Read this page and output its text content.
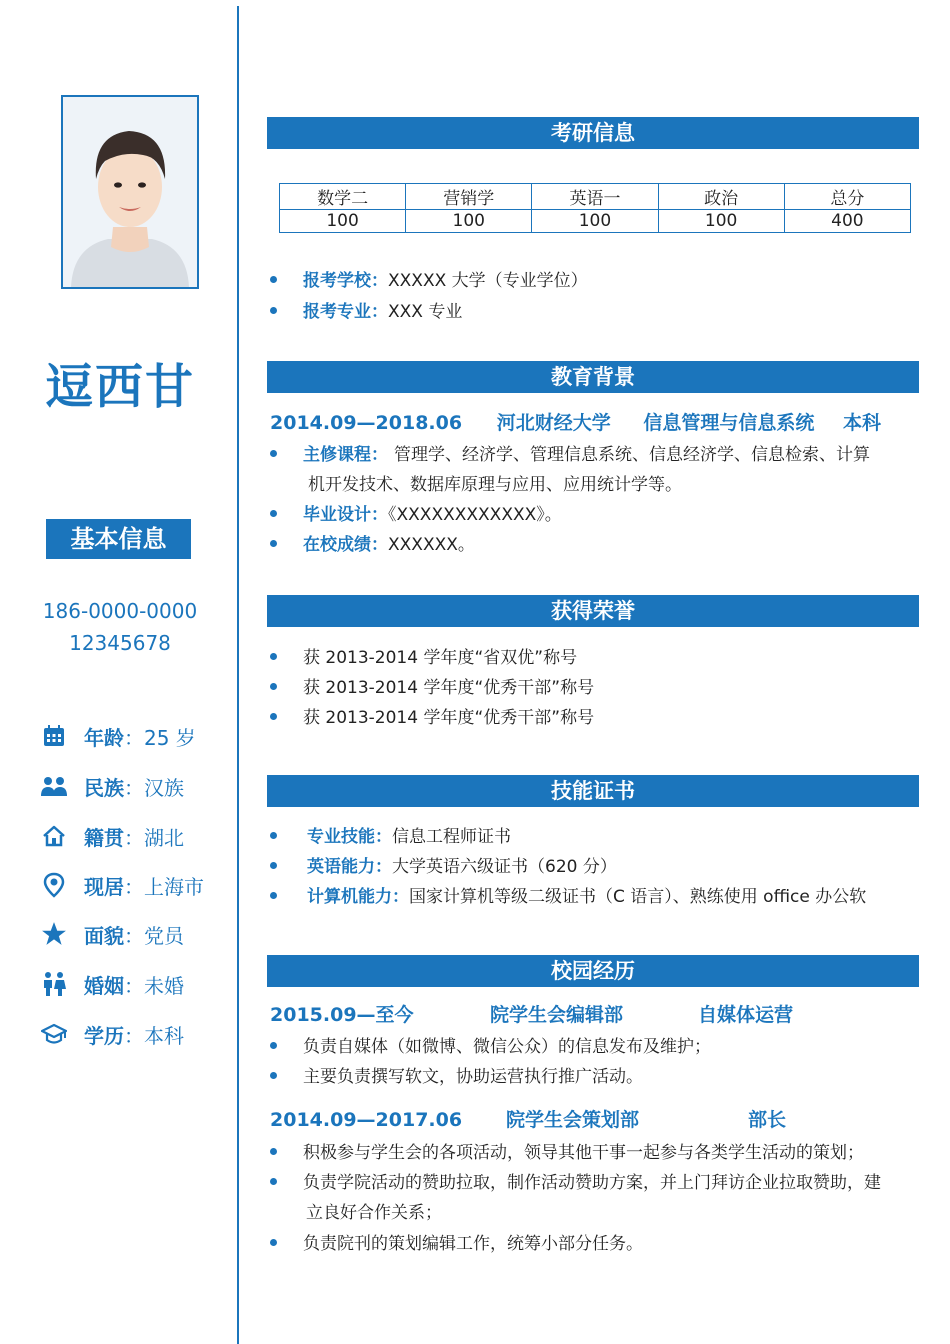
逗西甘
基本信息
186-0000-0000
12345678
年龄 ： 25 岁
民族 ： 汉族
籍贯 ： 湖北
现居 ： 上海市
面貌 ： 党员
婚姻 ： 未婚
学历 ： 本科
考研信息
数学二	营销学	英语一	政治	总分
100	100	100	100	400
报考学校：XXXXX 大学（专业学位）
报考专业：XXX 专业
教育背景
2014.09—2018.06 河北财经大学 信息管理与信息系统 本科
主修课程： 管理学、经济学、管理信息系统、信息经济学、信息检索、计算
机开发技术、数据库原理与应用、应用统计学等。
毕业设计：《XXXXXXXXXXXX》。
在校成绩：XXXXXX。
获得荣誉
获 2013-2014 学年度“省双优”称号
获 2013-2014 学年度“优秀干部”称号
获 2013-2014 学年度“优秀干部”称号
技能证书
专业技能：信息工程师证书
英语能力：大学英语六级证书（620 分）
计算机能力：国家计算机等级二级证书（C 语言）、熟练使用 office 办公软
校园经历
2015.09—至今	院学生会编辑部	自媒体运营
负责自媒体（如微博、微信公众）的信息发布及维护；
主要负责撰写软文，协助运营执行推广活动。
2014.09—2017.06 院学生会策划部	部长
积极参与学生会的各项活动，领导其他干事一起参与各类学生活动的策划；
负责学院活动的赞助拉取，制作活动赞助方案，并上门拜访企业拉取赞助，建
立良好合作关系；
负责院刊的策划编辑工作，统筹小部分任务。
